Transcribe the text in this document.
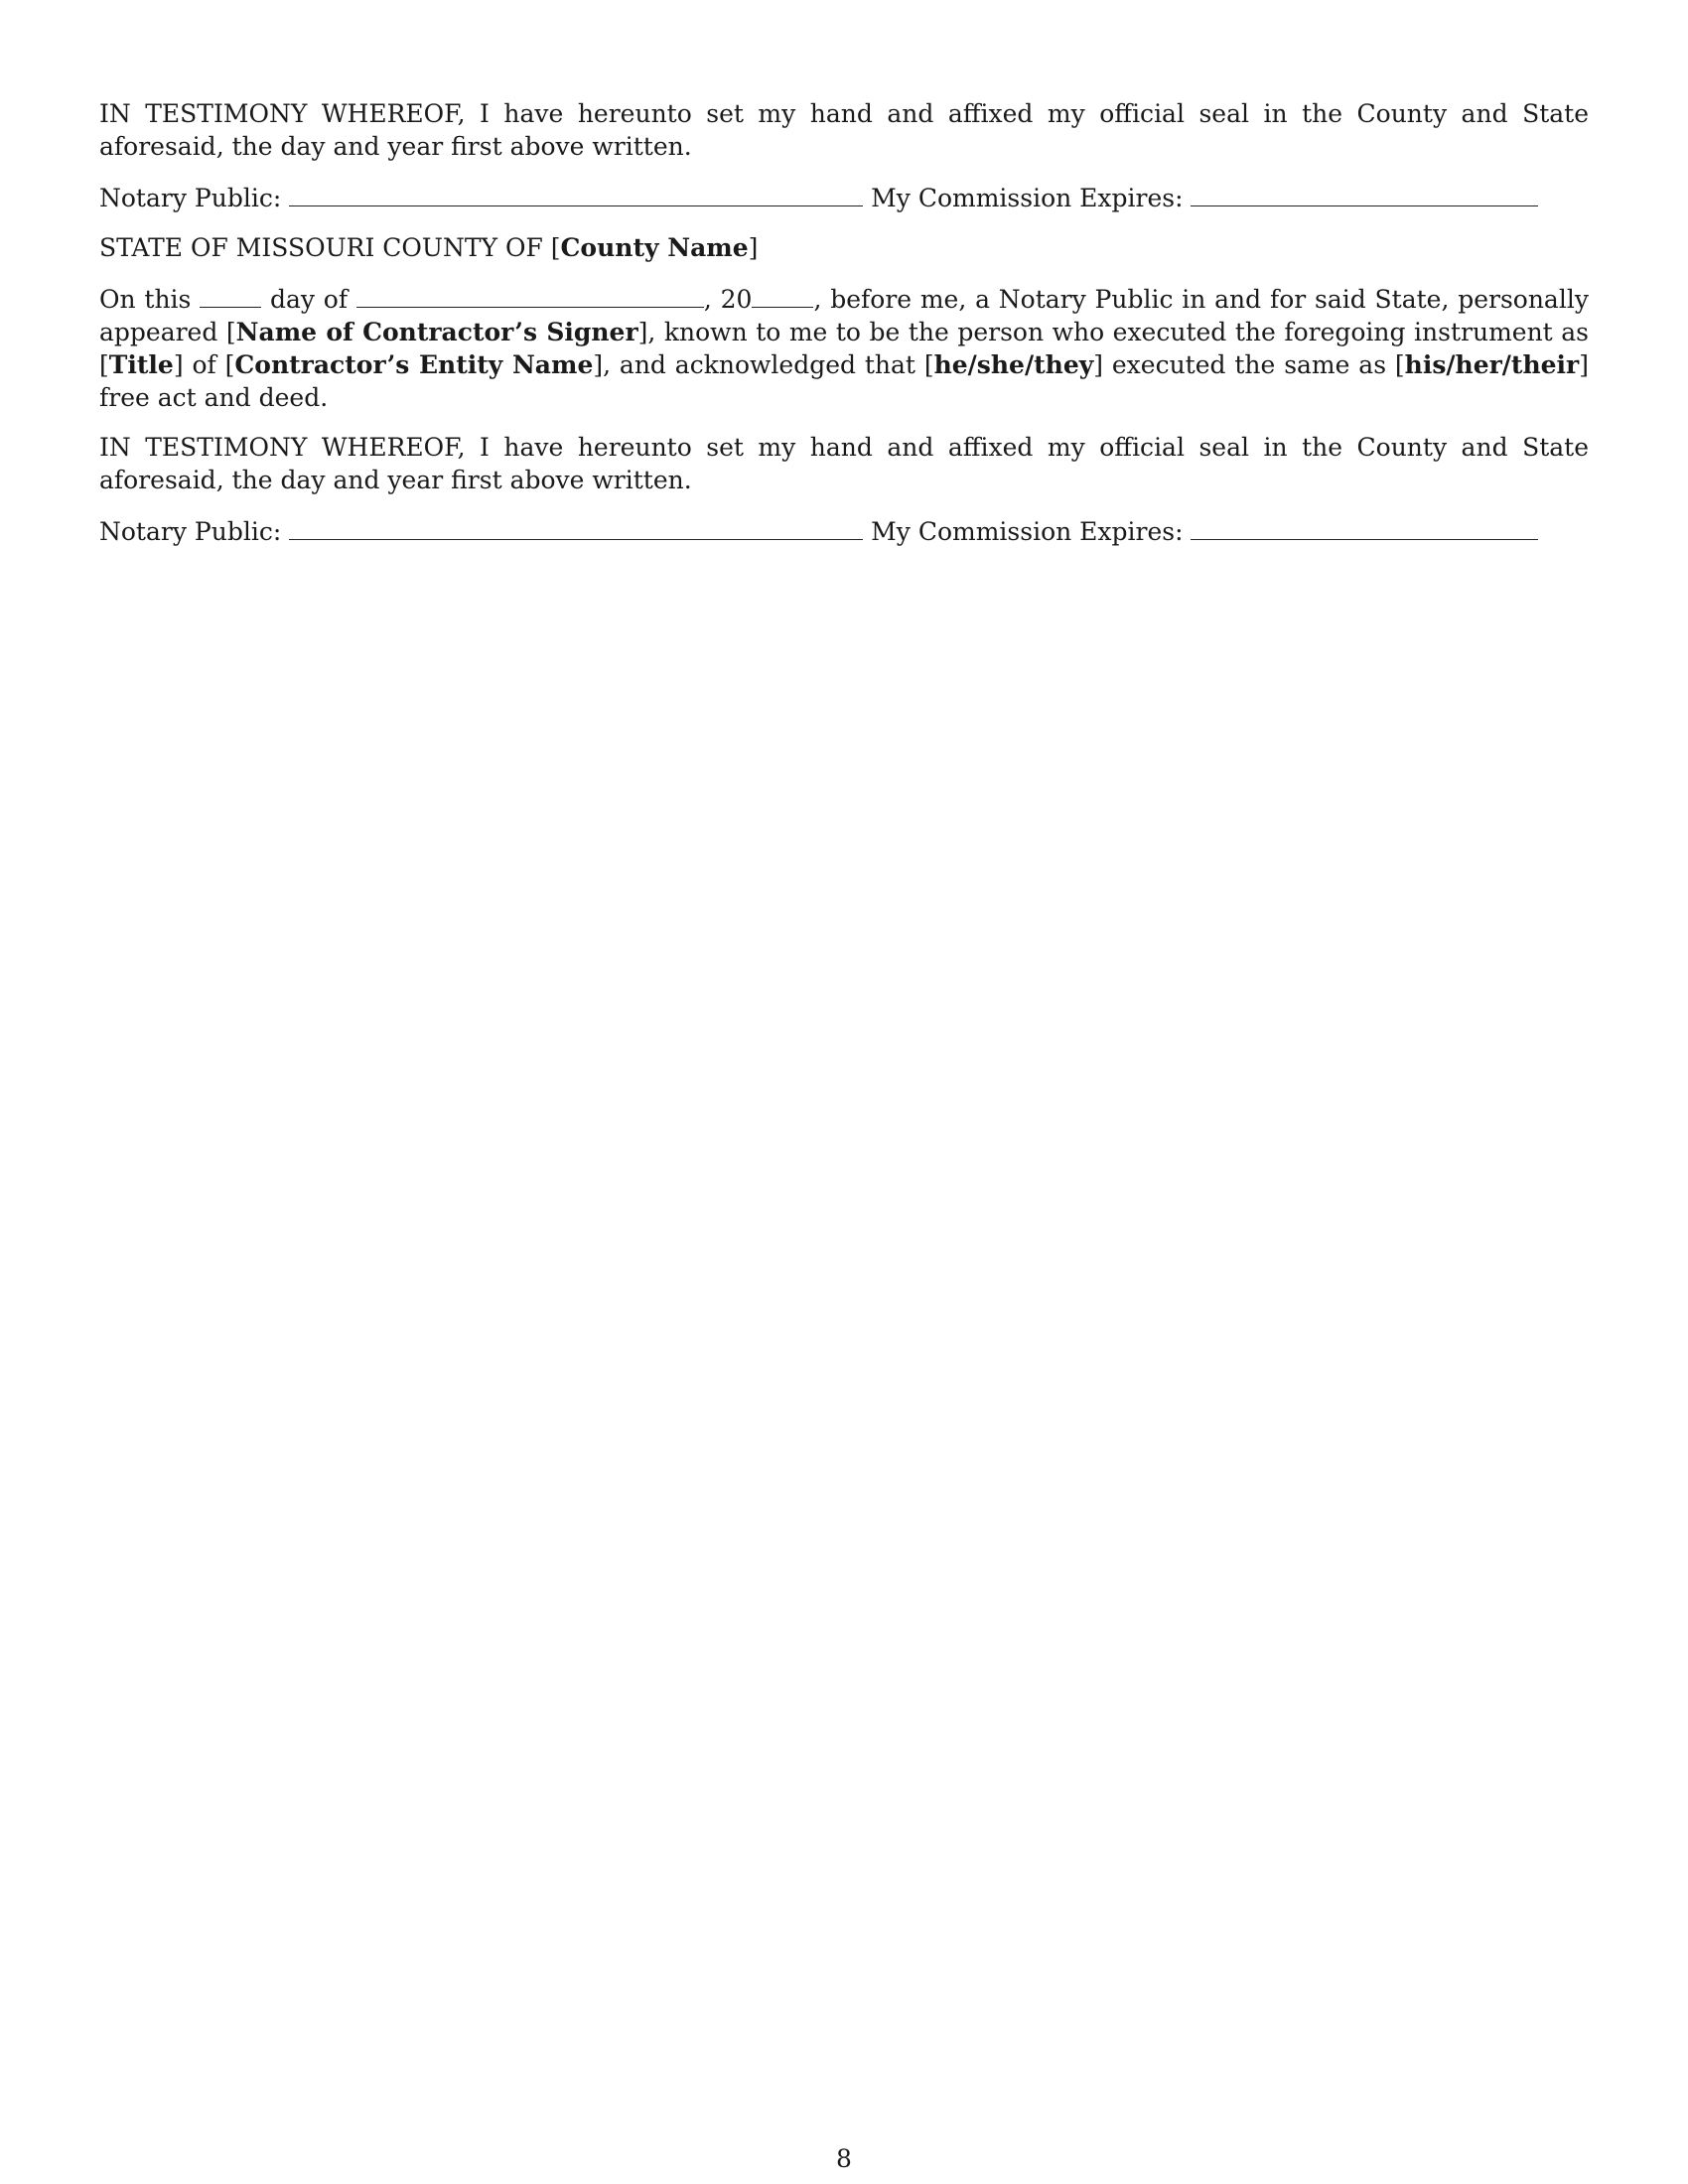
IN TESTIMONY WHEREOF, I have hereunto set my hand and affixed my official seal in the County and State aforesaid, the day and year first above written.

Notary Public:	My Commission Expires:
STATE OF MISSOURI COUNTY OF [County Name]

On this	day of	, 20 , before me, a Notary Public in and for said State, personally appeared [Name of Contractor’s Signer], known to me to be the person who executed the foregoing instrument as [Title] of [Contractor’s Entity Name], and acknowledged that [he/she/they] executed the same as [his/her/their] free act and deed.

IN TESTIMONY WHEREOF, I have hereunto set my hand and affixed my official seal in the County and State aforesaid, the day and year first above written.

Notary Public:	My Commission Expires:
8
